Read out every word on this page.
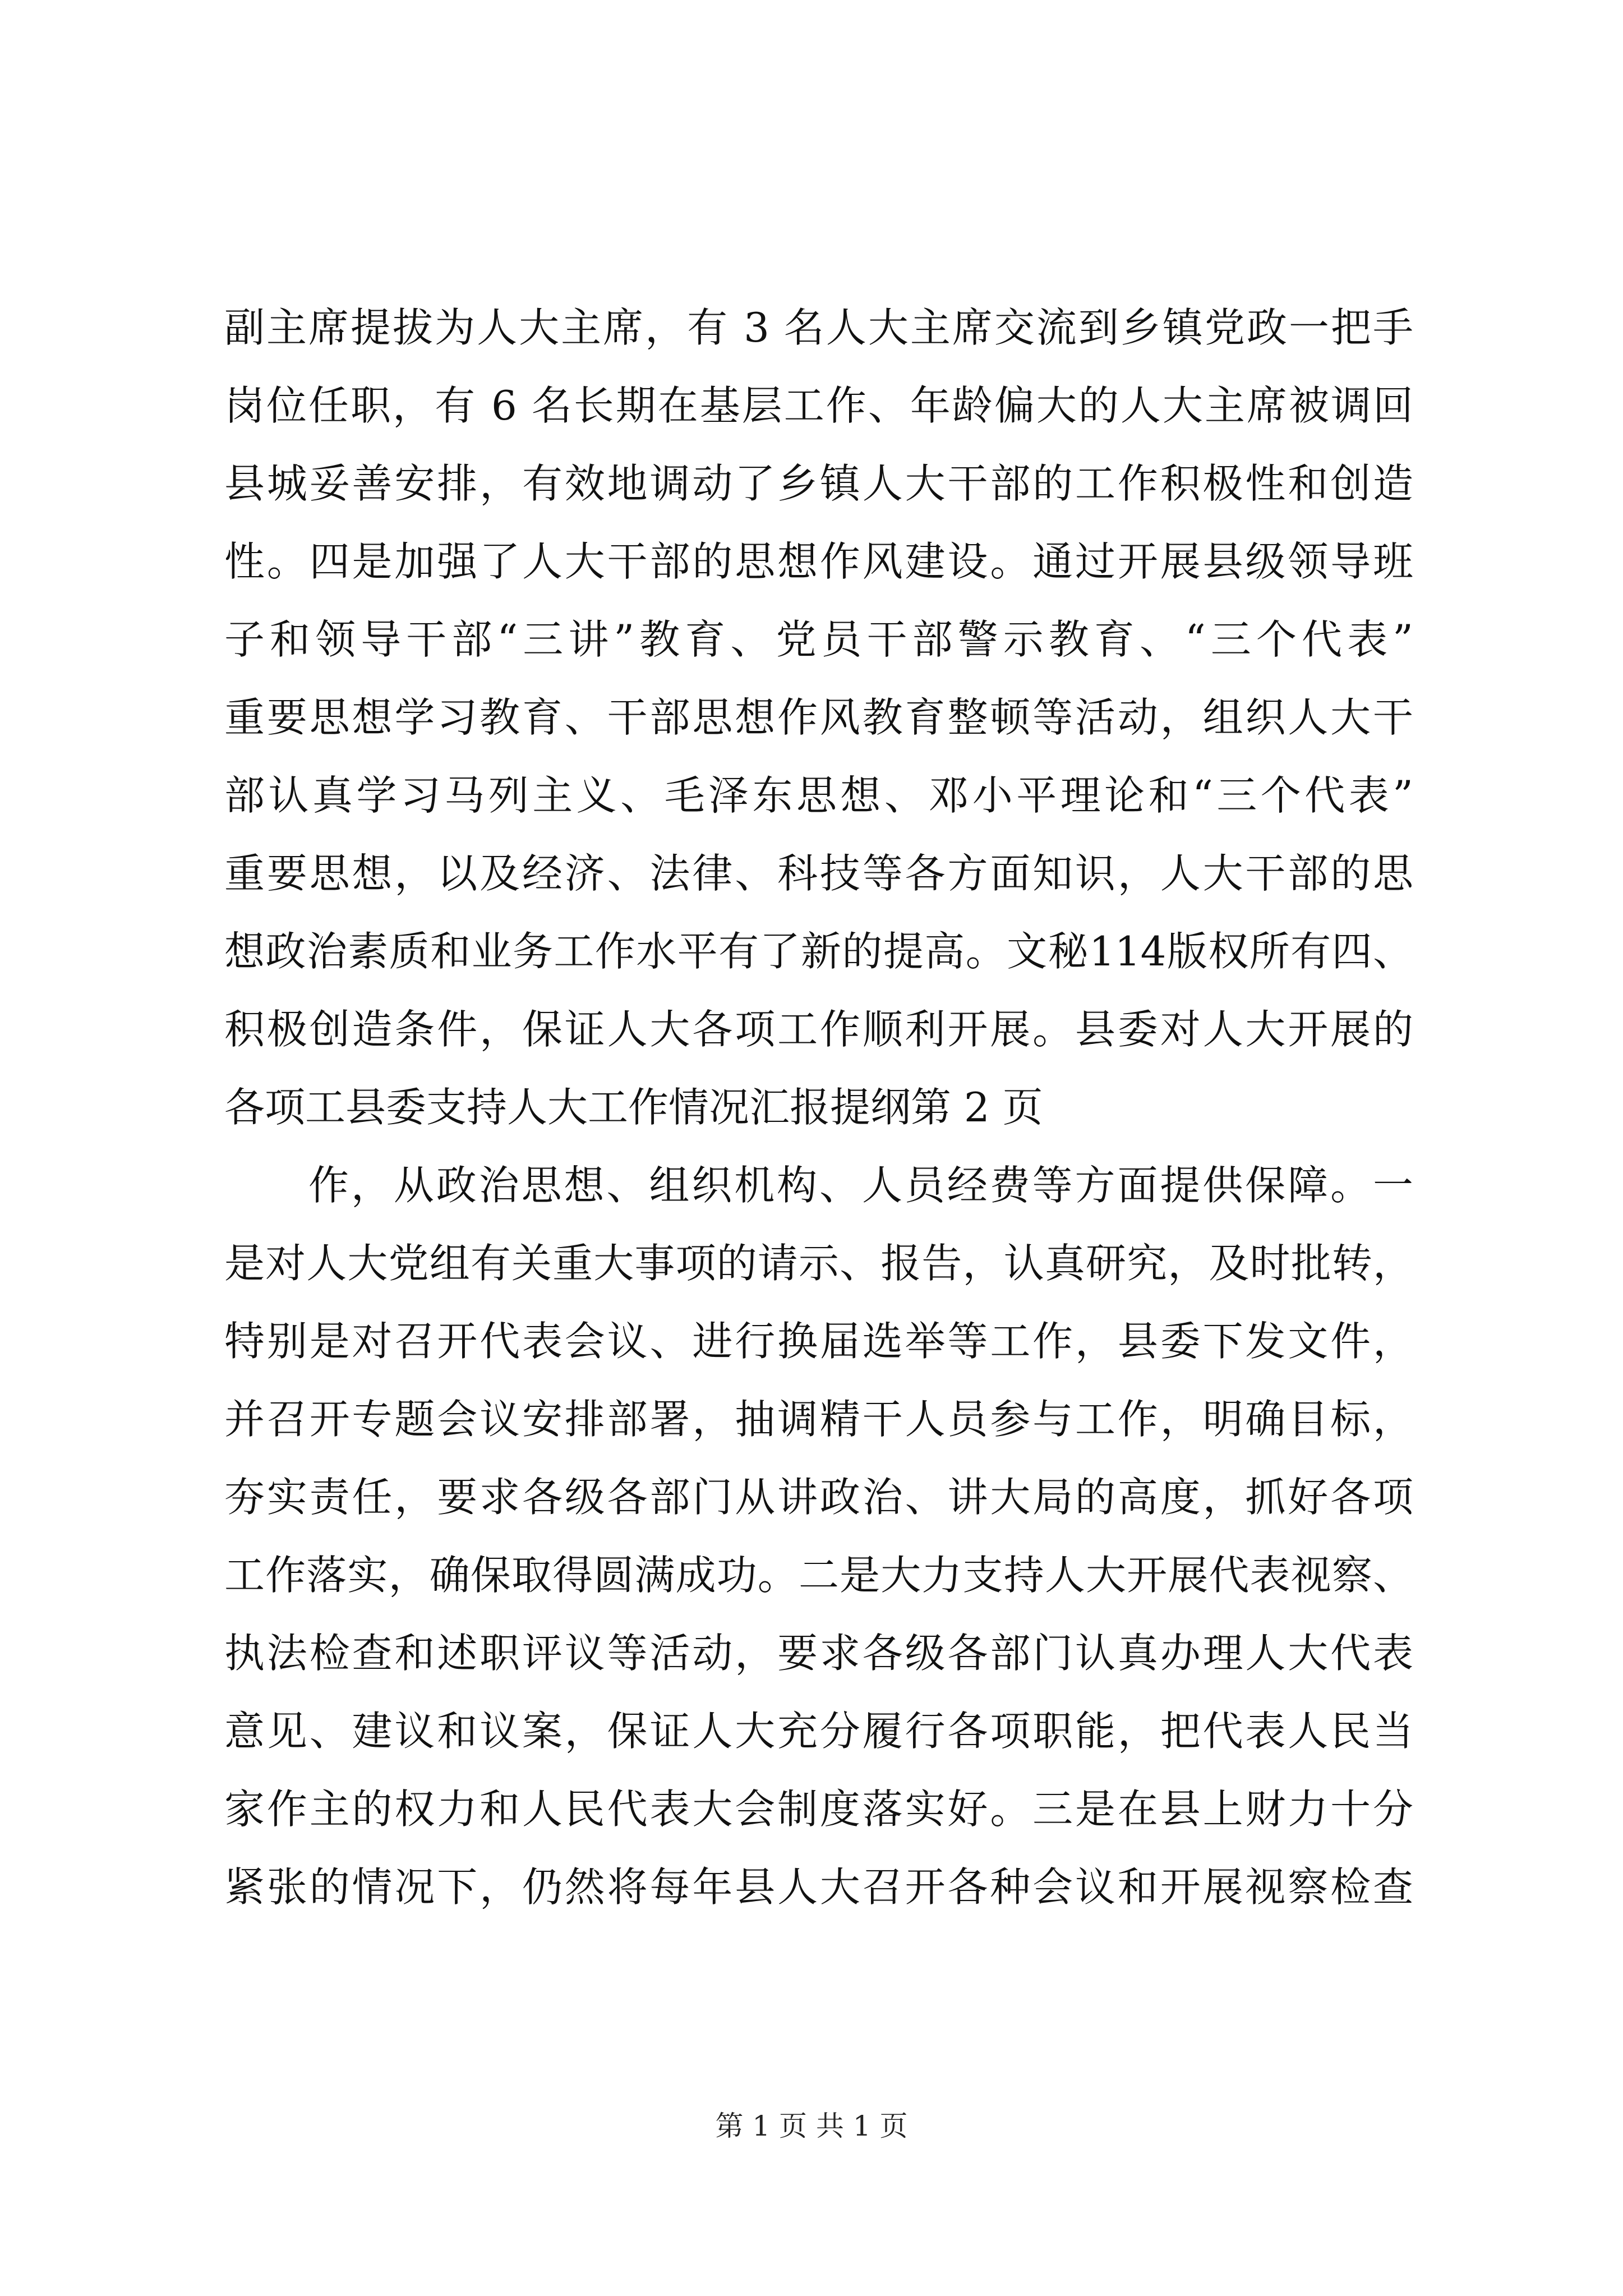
副主席提拔为人大主席，有 3 名人大主席交流到乡镇党政一把手
岗位任职，有 6 名长期在基层工作、年龄偏大的人大主席被调回
县城妥善安排，有效地调动了乡镇人大干部的工作积极性和创造
性。四是加强了人大干部的思想作风建设。通过开展县级领导班
子和领导干部“三讲”教育、党员干部警示教育、“三个代表”
重要思想学习教育、干部思想作风教育整顿等活动，组织人大干
部认真学习马列主义、毛泽东思想、邓小平理论和“三个代表”
重要思想，以及经济、法律、科技等各方面知识，人大干部的思
想政治素质和业务工作水平有了新的提高。文秘114版权所有四、
积极创造条件，保证人大各项工作顺利开展。县委对人大开展的
各项工县委支持人大工作情况汇报提纲第 2 页
作，从政治思想、组织机构、人员经费等方面提供保障。一
是对人大党组有关重大事项的请示、报告，认真研究，及时批转，
特别是对召开代表会议、进行换届选举等工作，县委下发文件，
并召开专题会议安排部署，抽调精干人员参与工作，明确目标，
夯实责任，要求各级各部门从讲政治、讲大局的高度，抓好各项
工作落实，确保取得圆满成功。二是大力支持人大开展代表视察、
执法检查和述职评议等活动，要求各级各部门认真办理人大代表
意见、建议和议案，保证人大充分履行各项职能，把代表人民当
家作主的权力和人民代表大会制度落实好。三是在县上财力十分
紧张的情况下，仍然将每年县人大召开各种会议和开展视察检查
第 1 页 共 1 页
